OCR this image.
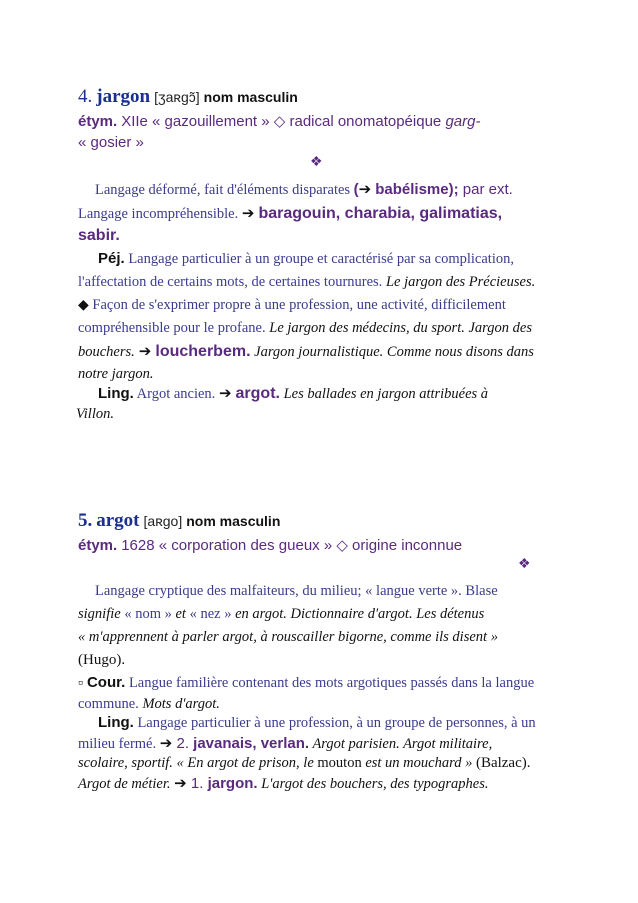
4. jargon [ʒaʀgɔ̃] nom masculin
étym. XIIe « gazouillement » ◇ radical onomatopéique garg-
« gosier »
❖
Langage déformé, fait d'éléments disparates (➔ babélisme); par ext.
Langage incompréhensible. ➔ baragouin, charabia, galimatias,
sabir.
Péj. Langage particulier à un groupe et caractérisé par sa complication,
l'affectation de certains mots, de certaines tournures. Le jargon des Précieuses.
◆ Façon de s'exprimer propre à une profession, une activité, difficilement
compréhensible pour le profane. Le jargon des médecins, du sport. Jargon des
bouchers. ➔ loucherbem. Jargon journalistique. Comme nous disons dans
notre jargon.
Ling. Argot ancien. ➔ argot. Les ballades en jargon attribuées à
Villon.
5. argot [aʀgo] nom masculin
étym. 1628 « corporation des gueux » ◇ origine inconnue
❖
Langage cryptique des malfaiteurs, du milieu; « langue verte ». Blase
signifie « nom » et « nez » en argot. Dictionnaire d'argot. Les détenus
« m'apprennent à parler argot, à rouscailler bigorne, comme ils disent »
(Hugo).
▫ Cour. Langue familière contenant des mots argotiques passés dans la langue
commune. Mots d'argot.
Ling. Langage particulier à une profession, à un groupe de personnes, à un
milieu fermé. ➔ 2. javanais, verlan. Argot parisien. Argot militaire,
scolaire, sportif. « En argot de prison, le mouton est un mouchard » (Balzac).
Argot de métier. ➔ 1. jargon. L'argot des bouchers, des typographes.
